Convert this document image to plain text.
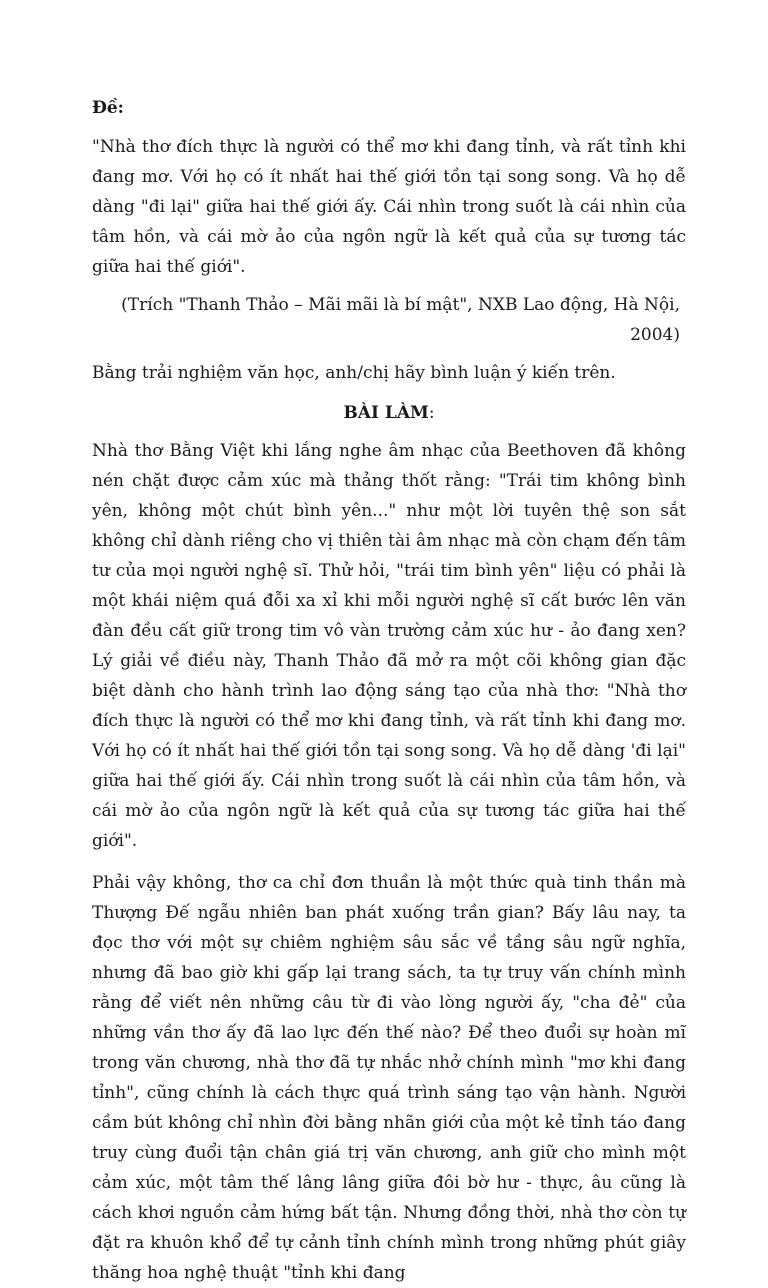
Đề:

"Nhà thơ đích thực là người có thể mơ khi đang tỉnh, và rất tỉnh khi đang mơ. Với họ có ít nhất hai thế giới tồn tại song song. Và họ dễ dàng "đi lại" giữa hai thế giới ấy. Cái nhìn trong suốt là cái nhìn của tâm hồn, và cái mờ ảo của ngôn ngữ là kết quả của sự tương tác giữa hai thế giới".

(Trích "Thanh Thảo – Mãi mãi là bí mật", NXB Lao động, Hà Nội, 2004)

Bằng trải nghiệm văn học, anh/chị hãy bình luận ý kiến trên.

BÀI LÀM:

Nhà thơ Bằng Việt khi lắng nghe âm nhạc của Beethoven đã không nén chặt được cảm xúc mà thảng thốt rằng: "Trái tim không bình yên, không một chút bình yên..." như một lời tuyên thệ son sắt không chỉ dành riêng cho vị thiên tài âm nhạc mà còn chạm đến tâm tư của mọi người nghệ sĩ. Thử hỏi, "trái tim bình yên" liệu có phải là một khái niệm quá đỗi xa xỉ khi mỗi người nghệ sĩ cất bước lên văn đàn đều cất giữ trong tim vô vàn trường cảm xúc hư - ảo đang xen? Lý giải về điều này, Thanh Thảo đã mở ra một cõi không gian đặc biệt dành cho hành trình lao động sáng tạo của nhà thơ: "Nhà thơ đích thực là người có thể mơ khi đang tỉnh, và rất tỉnh khi đang mơ. Với họ có ít nhất hai thế giới tồn tại song song. Và họ dễ dàng 'đi lại" giữa hai thế giới ấy. Cái nhìn trong suốt là cái nhìn của tâm hồn, và cái mờ ảo của ngôn ngữ là kết quả của sự tương tác giữa hai thế giới".

Phải vậy không, thơ ca chỉ đơn thuần là một thức quà tinh thần mà Thượng Đế ngẫu nhiên ban phát xuống trần gian? Bấy lâu nay, ta đọc thơ với một sự chiêm nghiệm sâu sắc về tầng sâu ngữ nghĩa, nhưng đã bao giờ khi gấp lại trang sách, ta tự truy vấn chính mình rằng để viết nên những câu từ đi vào lòng người ấy, "cha đẻ" của những vần thơ ấy đã lao lực đến thế nào? Để theo đuổi sự hoàn mĩ trong văn chương, nhà thơ đã tự nhắc nhở chính mình "mơ khi đang tỉnh", cũng chính là cách thực quá trình sáng tạo vận hành. Người cầm bút không chỉ nhìn đời bằng nhãn giới của một kẻ tỉnh táo đang truy cùng đuổi tận chân giá trị văn chương, anh giữ cho mình một cảm xúc, một tâm thế lâng lâng giữa đôi bờ hư - thực, âu cũng là cách khơi nguồn cảm hứng bất tận. Nhưng đồng thời, nhà thơ còn tự đặt ra khuôn khổ để tự cảnh tỉnh chính mình trong những phút giây thăng hoa nghệ thuật "tỉnh khi đang
